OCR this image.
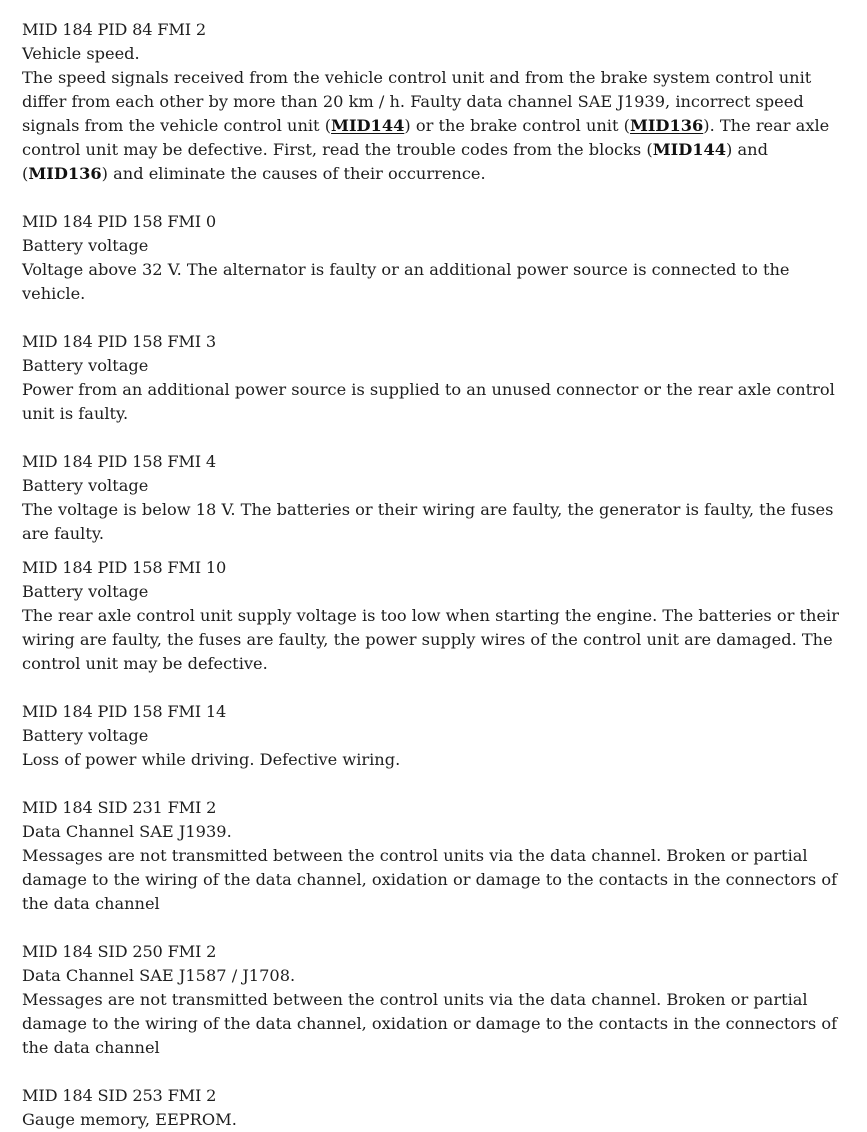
MID 184 PID 84 FMI 2

Vehicle speed.

The speed signals received from the vehicle control unit and from the brake system control unit differ from each other by more than 20 km / h. Faulty data channel SAE J1939, incorrect speed signals from the vehicle control unit (MID144) or the brake control unit (MID136). The rear axle control unit may be defective. First, read the trouble codes from the blocks (MID144) and (MID136) and eliminate the causes of their occurrence.

MID 184 PID 158 FMI 0

Battery voltage

Voltage above 32 V. The alternator is faulty or an additional power source is connected to the vehicle.

MID 184 PID 158 FMI 3

Battery voltage

Power from an additional power source is supplied to an unused connector or the rear axle control unit is faulty.

MID 184 PID 158 FMI 4

Battery voltage

The voltage is below 18 V. The batteries or their wiring are faulty, the generator is faulty, the fuses are faulty.

MID 184 PID 158 FMI 10

Battery voltage

The rear axle control unit supply voltage is too low when starting the engine. The batteries or their wiring are faulty, the fuses are faulty, the power supply wires of the control unit are damaged. The control unit may be defective.

MID 184 PID 158 FMI 14

Battery voltage

Loss of power while driving. Defective wiring.

MID 184 SID 231 FMI 2

Data Channel SAE J1939.

Messages are not transmitted between the control units via the data channel. Broken or partial damage to the wiring of the data channel, oxidation or damage to the contacts in the connectors of the data channel

MID 184 SID 250 FMI 2

Data Channel SAE J1587 / J1708.

Messages are not transmitted between the control units via the data channel. Broken or partial damage to the wiring of the data channel, oxidation or damage to the contacts in the connectors of the data channel

MID 184 SID 253 FMI 2

Gauge memory, EEPROM.
